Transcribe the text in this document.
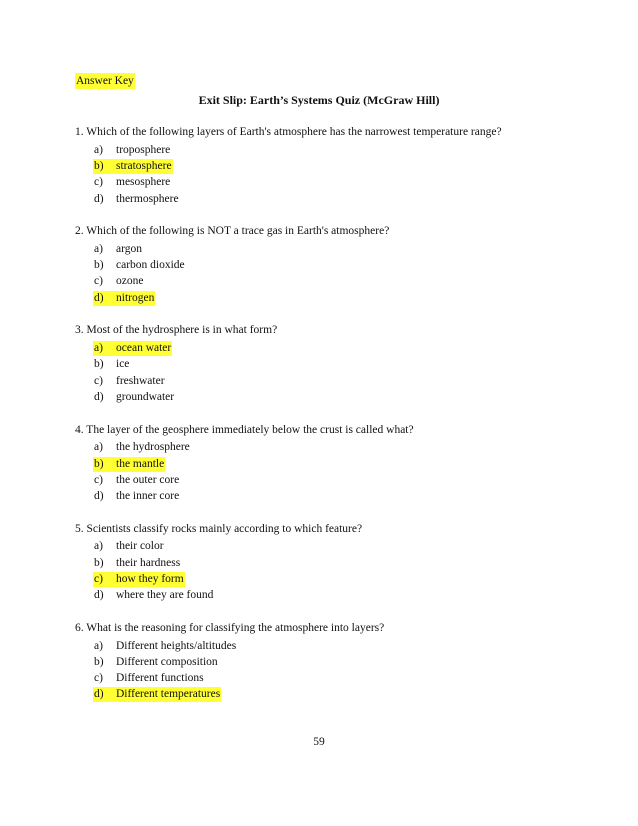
Answer Key
Exit Slip: Earth’s Systems Quiz (McGraw Hill)
1. Which of the following layers of Earth's atmosphere has the narrowest temperature range?
a)	troposphere
b)	stratosphere
c)	mesosphere
d)	thermosphere
2. Which of the following is NOT a trace gas in Earth's atmosphere?
a)	argon
b)	carbon dioxide
c)	ozone
d)	nitrogen
3. Most of the hydrosphere is in what form?
a)	ocean water
b)	ice
c)	freshwater
d)	groundwater
4. The layer of the geosphere immediately below the crust is called what?
a)	the hydrosphere
b)	the mantle
c)	the outer core
d)	the inner core
5. Scientists classify rocks mainly according to which feature?
a)	their color
b)	their hardness
c)	how they form
d)	where they are found
6. What is the reasoning for classifying the atmosphere into layers?
a)	Different heights/altitudes
b)	Different composition
c)	Different functions
d)	Different temperatures
59
